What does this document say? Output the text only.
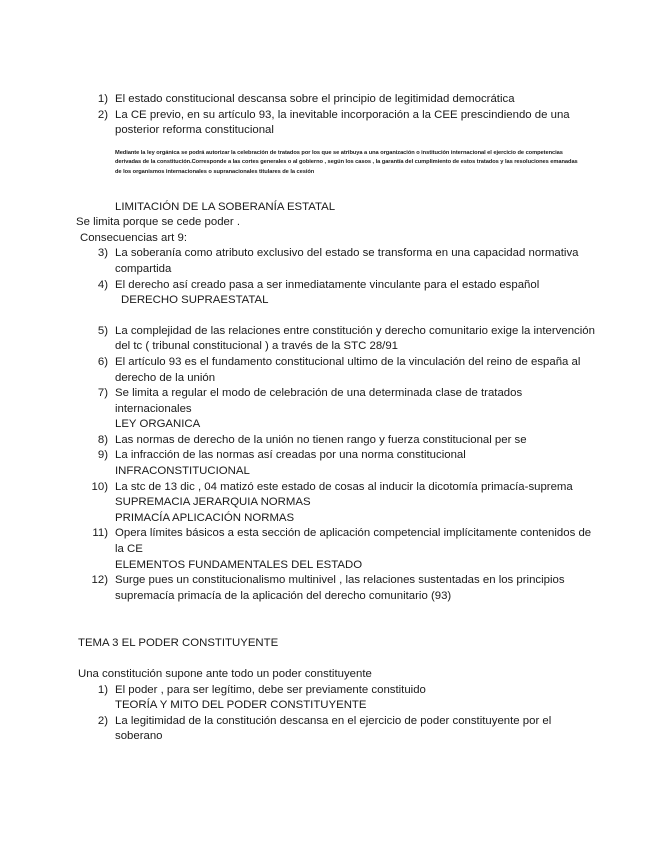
1) El estado constitucional descansa sobre el principio de legitimidad democrática
2) La CE previo, en su artículo 93, la inevitable incorporación a la CEE prescindiendo de una posterior reforma constitucional
Mediante la ley orgánica se podrá autorizar la celebración de tratados por los que se atribuya a una organización o institución internacional el ejercicio de competencias derivadas de la constitución.Corresponde a las cortes generales o al gobierno , según los casos , la garantía del cumplimiento de estos tratados y las resoluciones emanadas de los organismos internacionales o supranacionales titulares de la cesión
LIMITACIÓN DE LA SOBERANÍA ESTATAL
Se limita porque se cede poder .
Consecuencias art 9:
3) La soberanía como atributo exclusivo del estado se transforma en una capacidad normativa compartida
4) El derecho así creado pasa a ser inmediatamente vinculante para el estado español
DERECHO SUPRAESTATAL
5) La complejidad de las relaciones entre constitución y derecho comunitario exige la intervención del tc ( tribunal constitucional ) a través de la STC 28/91
6) El artículo 93 es el fundamento constitucional ultimo de la vinculación del reino de españa al derecho de la unión
7) Se limita a regular el modo de celebración de una determinada clase de tratados internacionales
LEY ORGANICA
8) Las normas de derecho de la unión no tienen rango y fuerza constitucional per se
9) La infracción de las normas así creadas por una norma constitucional
INFRACONSTITUCIONAL
10) La stc de 13 dic , 04 matizó este estado de cosas al inducir la dicotomía primacía-suprema
SUPREMACIA JERARQUIA NORMAS
PRIMACÍA APLICACIÓN NORMAS
11) Opera límites básicos a esta sección de aplicación competencial implícitamente contenidos de la CE
ELEMENTOS FUNDAMENTALES DEL ESTADO
12) Surge pues un constitucionalismo multinivel , las relaciones sustentadas en los principios supremacía primacía de la aplicación del derecho comunitario (93)
TEMA 3 EL PODER CONSTITUYENTE
Una constitución supone ante todo un poder constituyente
1) El poder , para ser legítimo, debe ser previamente constituido
TEORÍA Y MITO DEL PODER CONSTITUYENTE
2) La legitimidad de la constitución descansa en el ejercicio de poder constituyente por el soberano
